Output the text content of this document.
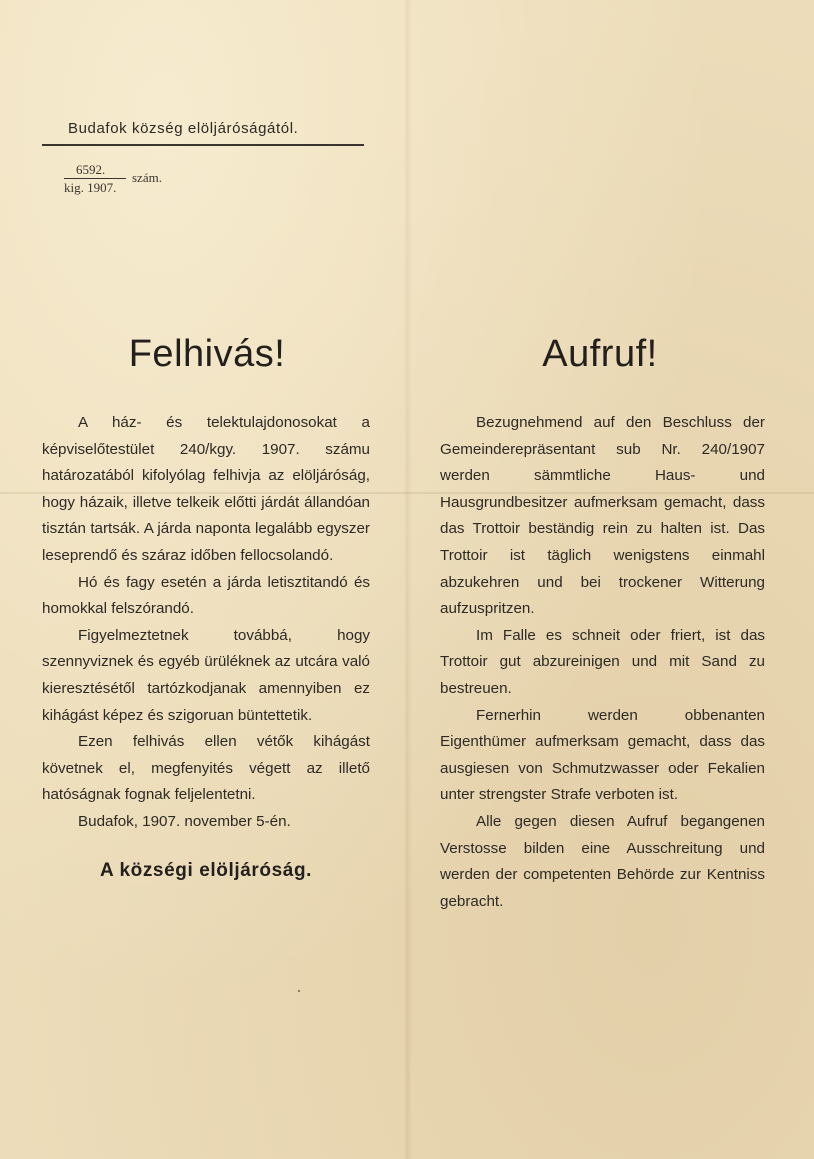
Budafok község elöljáróságától.
6592.
kig. 1907.
szám.
Felhivás!	Aufruf!

A ház- és telektulajdonosokat a képviselőtestület 240/kgy. 1907. számu határozatából kifolyólag felhivja az elöljáróság, hogy házaik, illetve telkeik előtti járdát állandóan tisztán tartsák. A járda naponta legalább egyszer leseprendő és száraz időben fellocsolandó.

Hó és fagy esetén a járda letisztitandó és homokkal felszórandó.

Figyelmeztetnek továbbá, hogy szennyviznek és egyéb ürüléknek az utcára való kieresztésétől tartózkodjanak amennyiben ez kihágást képez és szigoruan büntettetik.

Ezen felhivás ellen vétők kihágást követnek el, megfenyités végett az illető hatóságnak fognak feljelentetni.

Budafok, 1907. november 5-én.

A községi elöljáróság.

Bezugnehmend auf den Beschluss der Gemeinderepräsentant sub Nr. 240/1907 werden sämmtliche Haus- und Hausgrundbesitzer aufmerksam gemacht, dass das Trottoir beständig rein zu halten ist. Das Trottoir ist täglich wenigstens einmahl abzukehren und bei trockener Witterung aufzuspritzen.

Im Falle es schneit oder friert, ist das Trottoir gut abzureinigen und mit Sand zu bestreuen.

Fernerhin werden obbenanten Eigenthümer aufmerksam gemacht, dass das ausgiesen von Schmutzwasser oder Fekalien unter strengster Strafe verboten ist.

Alle gegen diesen Aufruf begangenen Verstosse bilden eine Ausschreitung und werden der competenten Behörde zur Kentniss gebracht.
